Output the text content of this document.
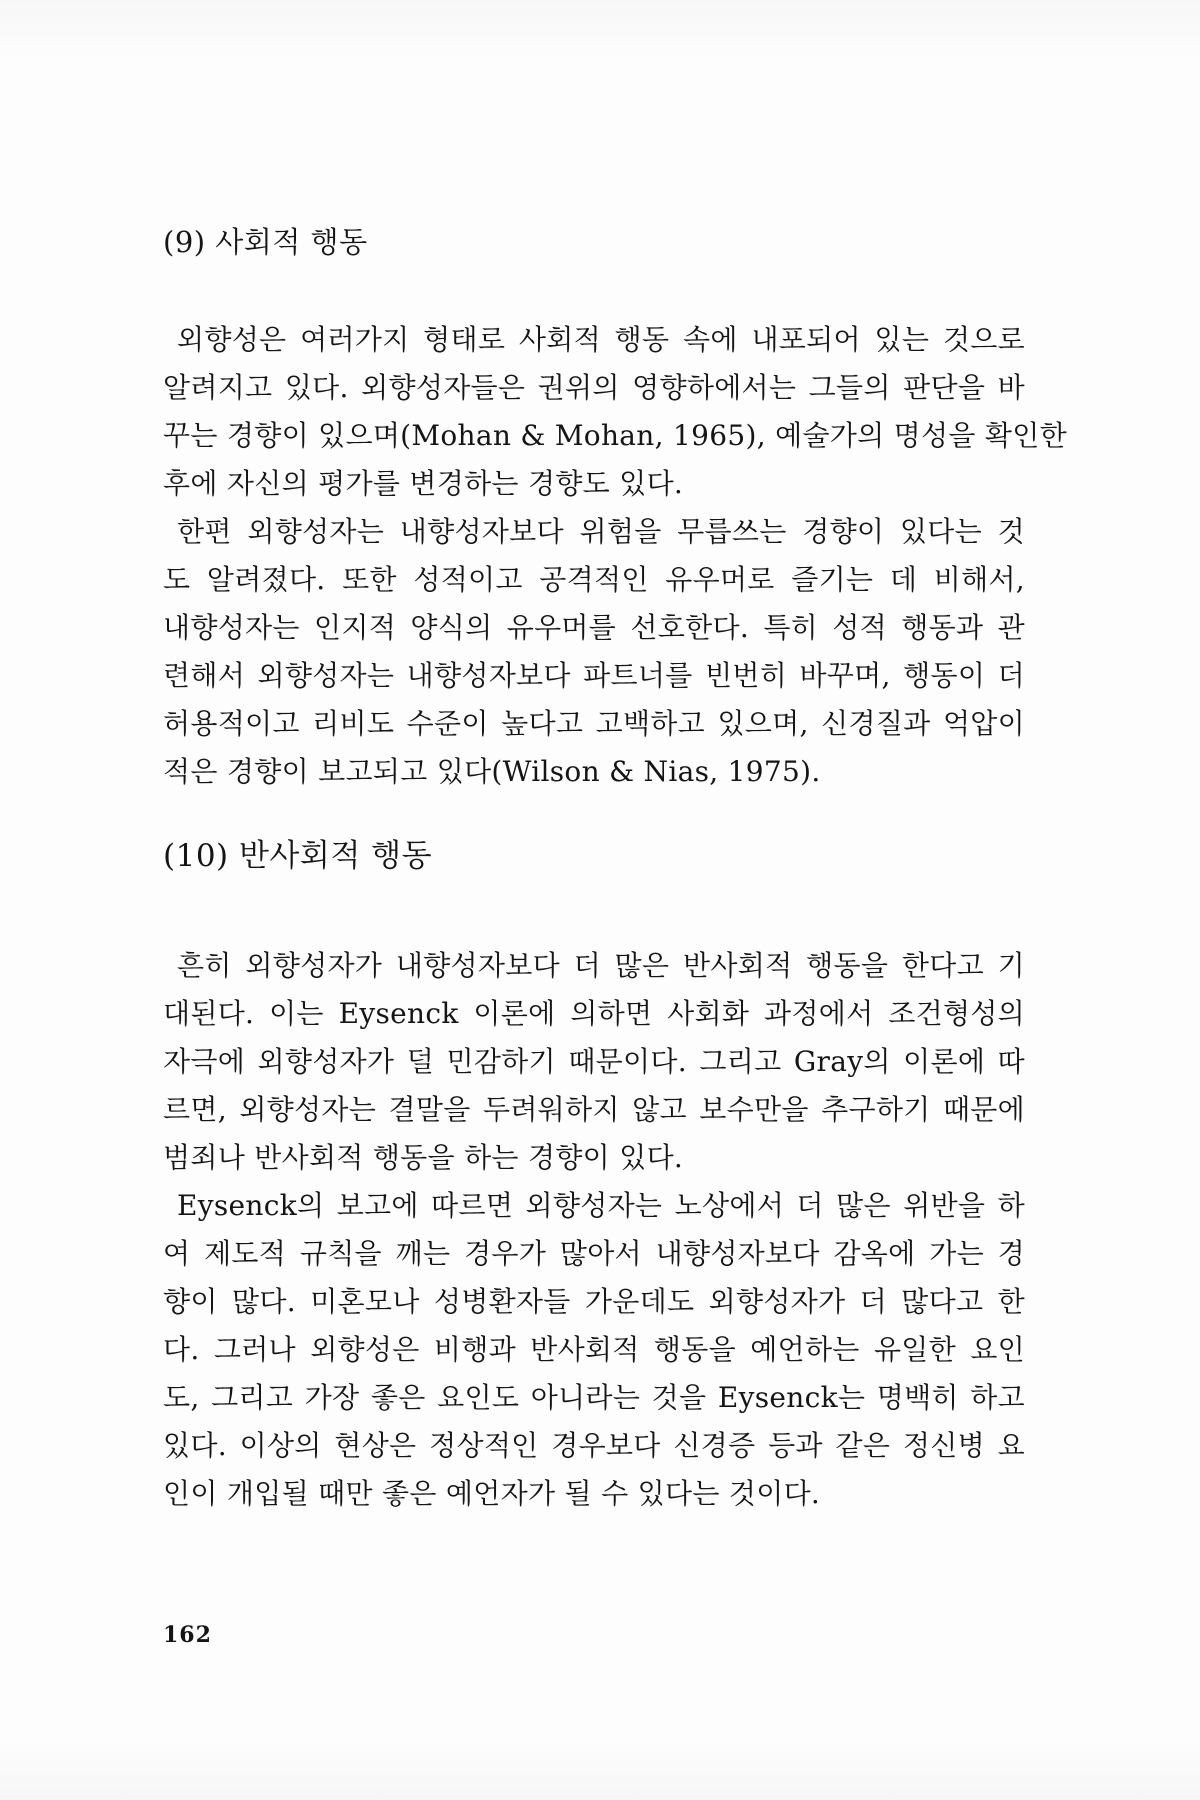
(9) 사회적 행동
외향성은 여러가지 형태로 사회적 행동 속에 내포되어 있는 것으로
알려지고 있다. 외향성자들은 권위의 영향하에서는 그들의 판단을 바
꾸는 경향이 있으며(Mohan & Mohan, 1965), 예술가의 명성을 확인한
후에 자신의 평가를 변경하는 경향도 있다.
한편 외향성자는 내향성자보다 위험을 무릅쓰는 경향이 있다는 것
도 알려졌다. 또한 성적이고 공격적인 유우머로 즐기는 데 비해서,
내향성자는 인지적 양식의 유우머를 선호한다. 특히 성적 행동과 관
련해서 외향성자는 내향성자보다 파트너를 빈번히 바꾸며, 행동이 더
허용적이고 리비도 수준이 높다고 고백하고 있으며, 신경질과 억압이
적은 경향이 보고되고 있다(Wilson & Nias, 1975).
(10) 반사회적 행동
흔히 외향성자가 내향성자보다 더 많은 반사회적 행동을 한다고 기
대된다. 이는 Eysenck 이론에 의하면 사회화 과정에서 조건형성의
자극에 외향성자가 덜 민감하기 때문이다. 그리고 Gray의 이론에 따
르면, 외향성자는 결말을 두려워하지 않고 보수만을 추구하기 때문에
범죄나 반사회적 행동을 하는 경향이 있다.
Eysenck의 보고에 따르면 외향성자는 노상에서 더 많은 위반을 하
여 제도적 규칙을 깨는 경우가 많아서 내향성자보다 감옥에 가는 경
향이 많다. 미혼모나 성병환자들 가운데도 외향성자가 더 많다고 한
다. 그러나 외향성은 비행과 반사회적 행동을 예언하는 유일한 요인
도, 그리고 가장 좋은 요인도 아니라는 것을 Eysenck는 명백히 하고
있다. 이상의 현상은 정상적인 경우보다 신경증 등과 같은 정신병 요
인이 개입될 때만 좋은 예언자가 될 수 있다는 것이다.
162
